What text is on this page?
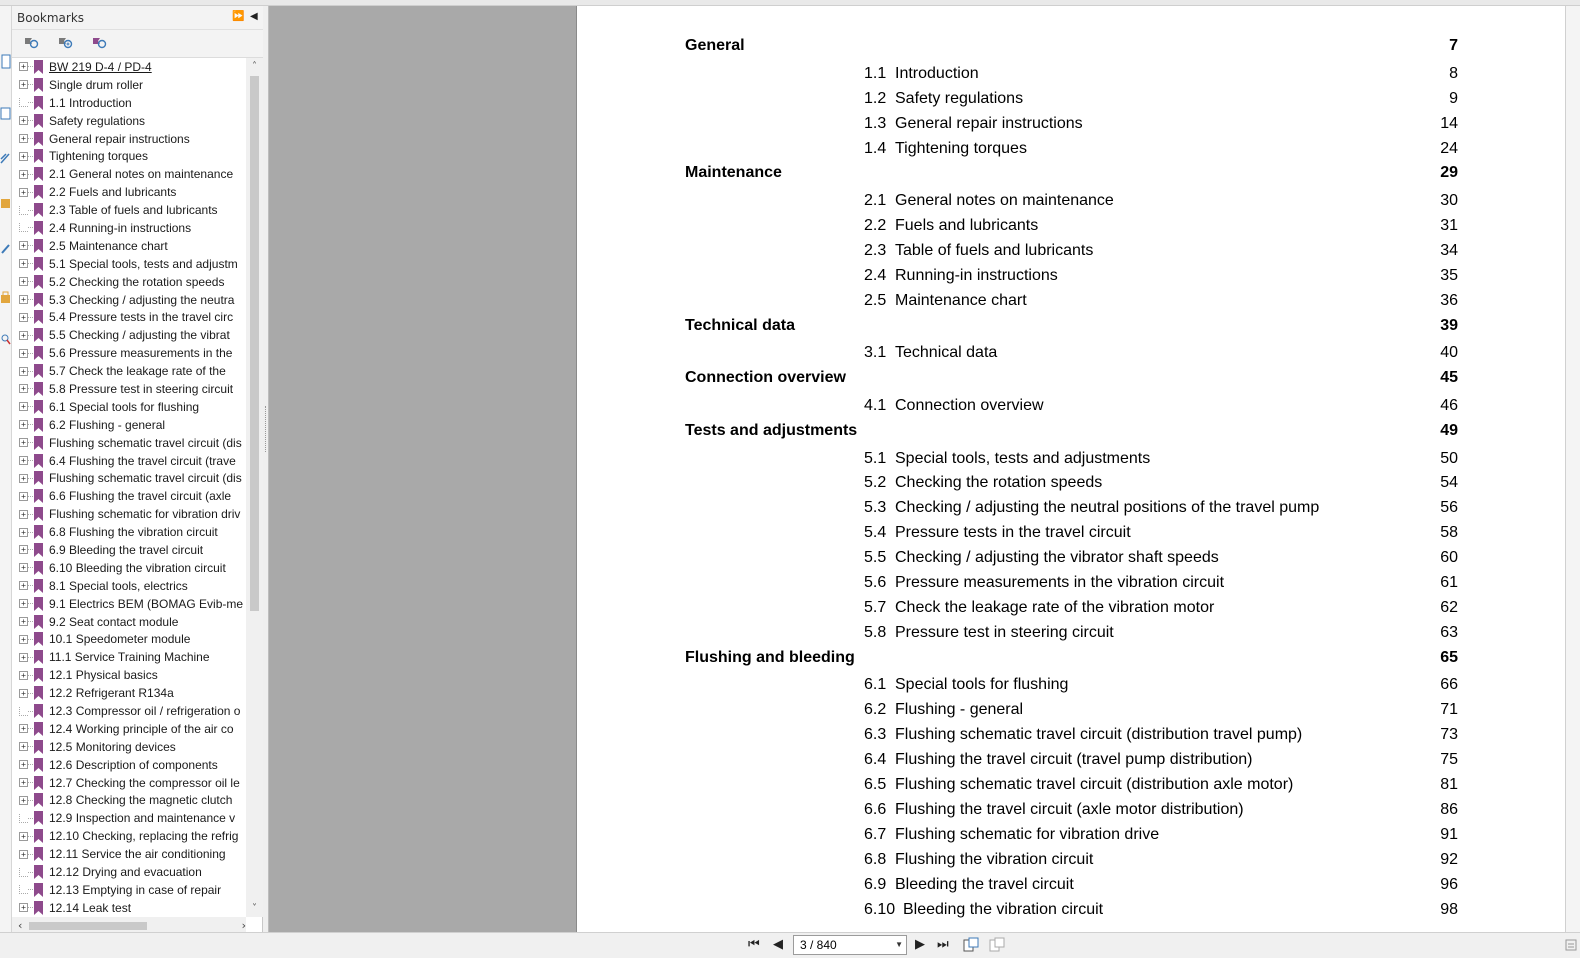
Bookmarks	⏩ ◀
+ BW 219 D-4 / PD-4
+ Single drum roller
1.1 Introduction
+ Safety regulations
+ General repair instructions
+ Tightening torques
+ 2.1 General notes on maintenance
+ 2.2 Fuels and lubricants
2.3 Table of fuels and lubricants
2.4 Running-in instructions
+ 2.5 Maintenance chart
+ 5.1 Special tools, tests and adjustm
+ 5.2 Checking the rotation speeds
+ 5.3 Checking / adjusting the neutra
+ 5.4 Pressure tests in the travel circ
+ 5.5 Checking / adjusting the vibrat
+ 5.6 Pressure measurements in the
+ 5.7 Check the leakage rate of the
+ 5.8 Pressure test in steering circuit
+ 6.1 Special tools for flushing
+ 6.2 Flushing - general
+ Flushing schematic travel circuit (dis
+ 6.4 Flushing the travel circuit (trave
+ Flushing schematic travel circuit (dis
+ 6.6 Flushing the travel circuit (axle
+ Flushing schematic for vibration driv
+ 6.8 Flushing the vibration circuit
+ 6.9 Bleeding the travel circuit
+ 6.10 Bleeding the vibration circuit
+ 8.1 Special tools, electrics
+ 9.1 Electrics BEM (BOMAG Evib-me
+ 9.2 Seat contact module
+ 10.1 Speedometer module
+ 11.1 Service Training Machine
+ 12.1 Physical basics
+ 12.2 Refrigerant R134a
12.3 Compressor oil / refrigeration o
+ 12.4 Working principle of the air co
+ 12.5 Monitoring devices
+ 12.6 Description of components
+ 12.7 Checking the compressor oil le
+ 12.8 Checking the magnetic clutch
12.9 Inspection and maintenance v
+ 12.10 Checking, replacing the refrig
+ 12.11 Service the air conditioning
12.12 Drying and evacuation
12.13 Emptying in case of repair
+ 12.14 Leak test
˄
˅
‹	›
General	7
1.1 Introduction	8
1.2 Safety regulations	9
1.3 General repair instructions	14
1.4 Tightening torques	24
Maintenance	29
2.1 General notes on maintenance	30
2.2 Fuels and lubricants	31
2.3 Table of fuels and lubricants	34
2.4 Running-in instructions	35
2.5 Maintenance chart	36
Technical data	39
3.1 Technical data	40
Connection overview	45
4.1 Connection overview	46
Tests and adjustments	49
5.1 Special tools, tests and adjustments	50
5.2 Checking the rotation speeds	54
5.3 Checking / adjusting the neutral positions of the travel pump	56
5.4 Pressure tests in the travel circuit	58
5.5 Checking / adjusting the vibrator shaft speeds	60
5.6 Pressure measurements in the vibration circuit	61
5.7 Check the leakage rate of the vibration motor	62
5.8 Pressure test in steering circuit	63
Flushing and bleeding	65
6.1 Special tools for flushing	66
6.2 Flushing - general	71
6.3 Flushing schematic travel circuit (distribution travel pump)	73
6.4 Flushing the travel circuit (travel pump distribution)	75
6.5 Flushing schematic travel circuit (distribution axle motor)	81
6.6 Flushing the travel circuit (axle motor distribution)	86
6.7 Flushing schematic for vibration drive	91
6.8 Flushing the vibration circuit	92
6.9 Bleeding the travel circuit	96
6.10 Bleeding the vibration circuit	98
⏮ ◀	3 / 840	▼ ▶ ⏭
